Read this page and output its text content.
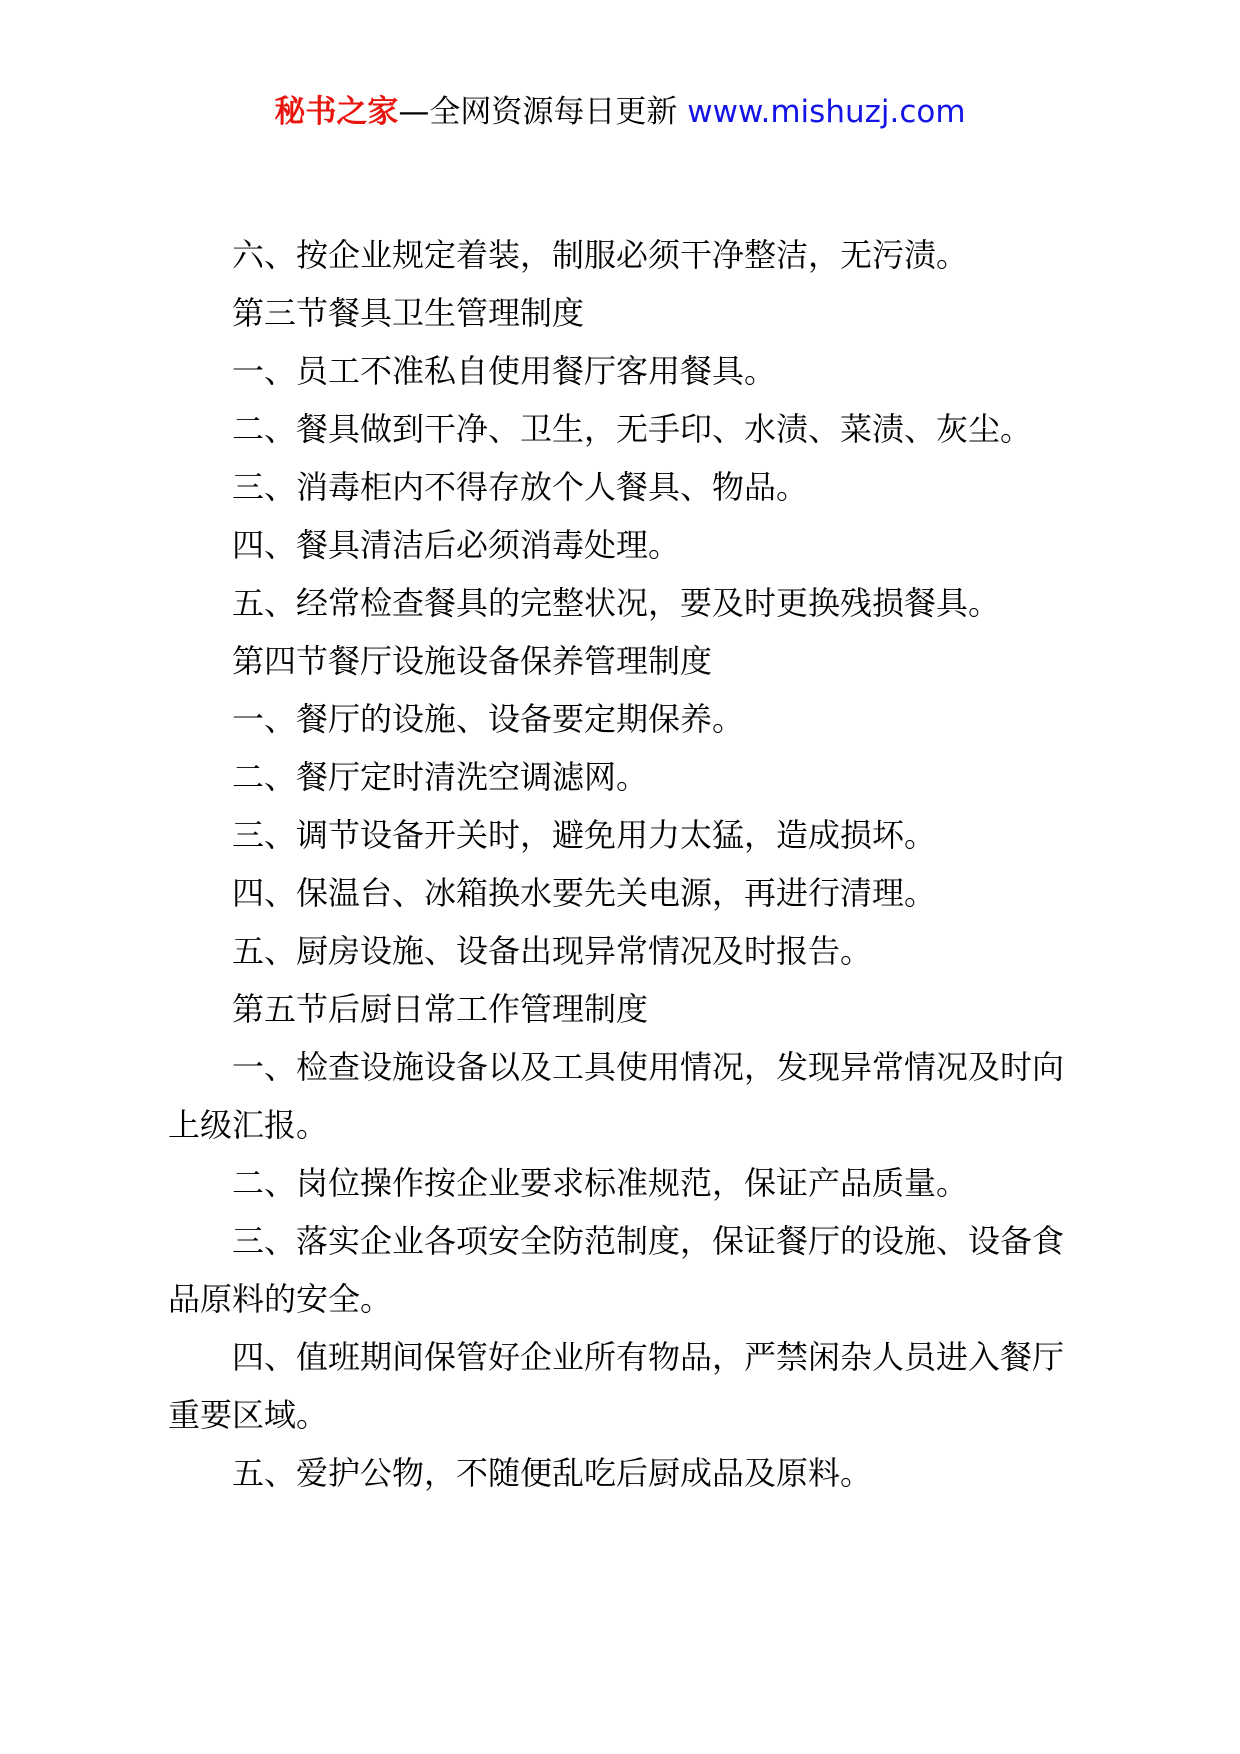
秘书之家—全网资源每日更新 www.mishuzj.com

六、按企业规定着装，制服必须干净整洁，无污渍。

第三节餐具卫生管理制度

一、员工不准私自使用餐厅客用餐具。

二、餐具做到干净、卫生，无手印、水渍、菜渍、灰尘。

三、消毒柜内不得存放个人餐具、物品。

四、餐具清洁后必须消毒处理。

五、经常检查餐具的完整状况，要及时更换残损餐具。

第四节餐厅设施设备保养管理制度

一、餐厅的设施、设备要定期保养。

二、餐厅定时清洗空调滤网。

三、调节设备开关时，避免用力太猛，造成损坏。

四、保温台、冰箱换水要先关电源，再进行清理。

五、厨房设施、设备出现异常情况及时报告。

第五节后厨日常工作管理制度

一、检查设施设备以及工具使用情况，发现异常情况及时向上级汇报。

二、岗位操作按企业要求标准规范，保证产品质量。

三、落实企业各项安全防范制度，保证餐厅的设施、设备食品原料的安全。

四、值班期间保管好企业所有物品，严禁闲杂人员进入餐厅重要区域。

五、爱护公物，不随便乱吃后厨成品及原料。
